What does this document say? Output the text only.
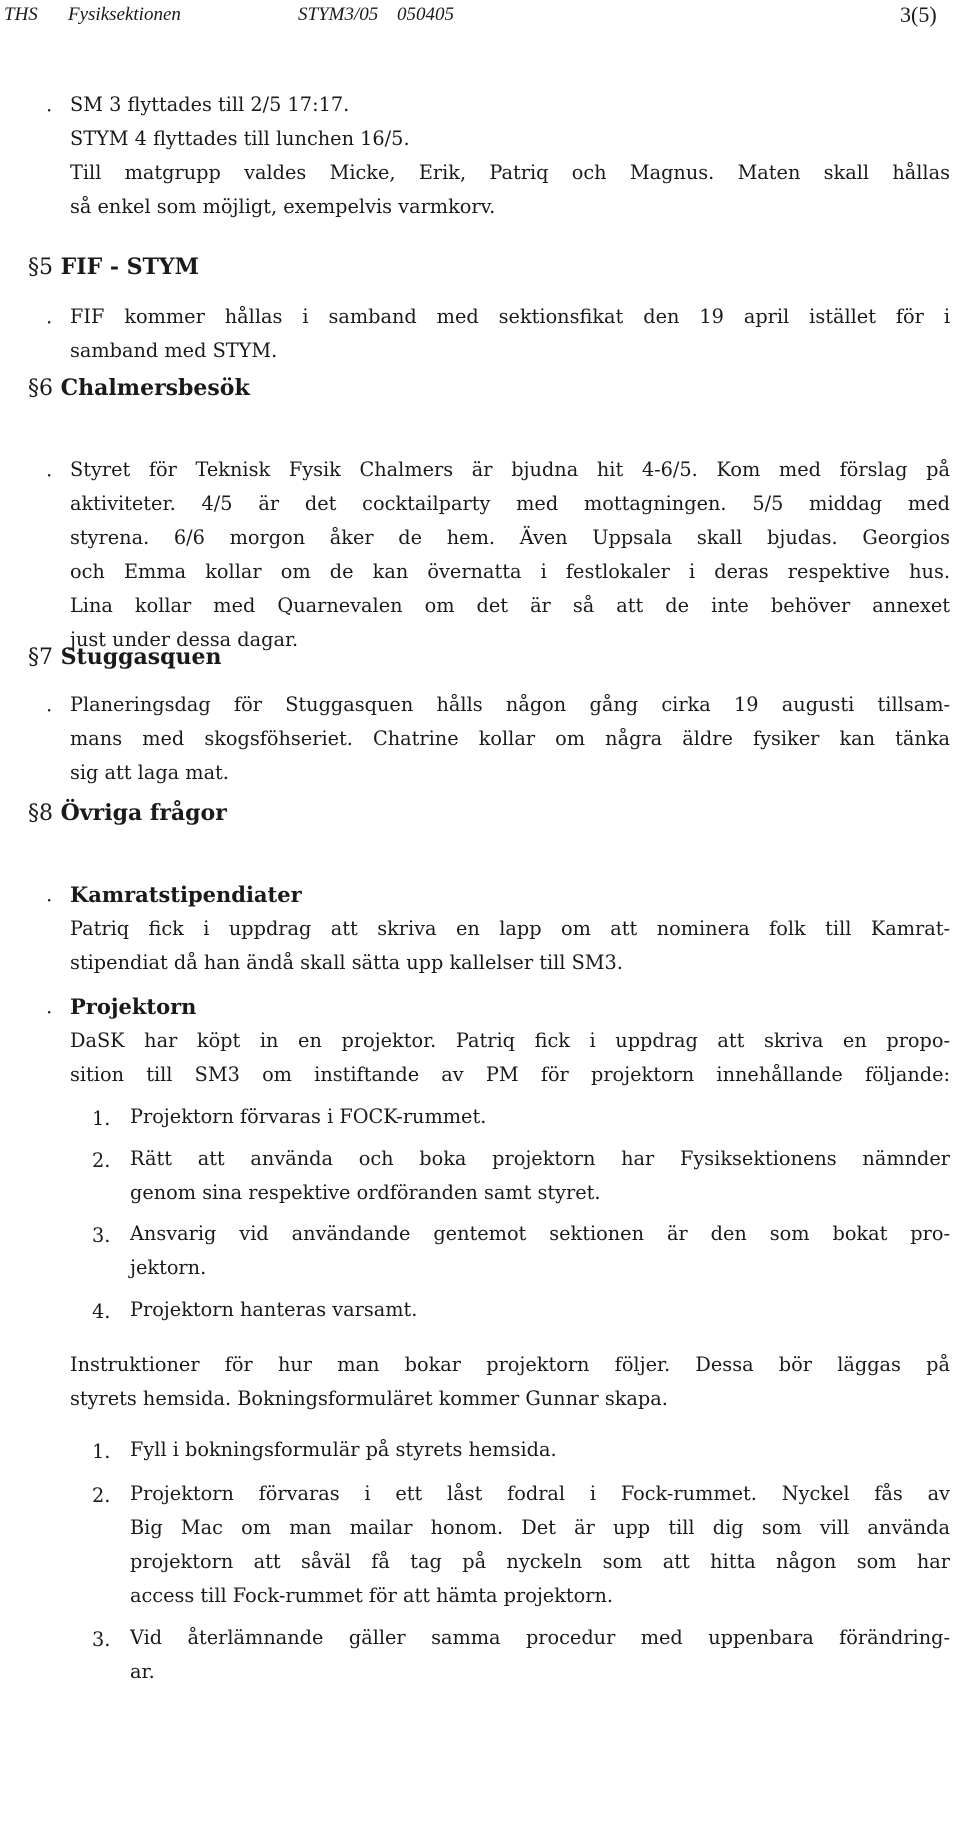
THS Fysiksektionen	STYM3/05 050405	3(5)
· SM 3 flyttades till 2/5 17:17.
STYM 4 flyttades till lunchen 16/5.
Till matgrupp valdes Micke, Erik, Patriq och Magnus. Maten skall hållas
så enkel som möjligt, exempelvis varmkorv.
§5 FIF - STYM
· FIF kommer hållas i samband med sektionsfikat den 19 april istället för i
samband med STYM.
§6 Chalmersbesök
· Styret för Teknisk Fysik Chalmers är bjudna hit 4-6/5. Kom med förslag på
aktiviteter. 4/5 är det cocktailparty med mottagningen. 5/5 middag med
styrena. 6/6 morgon åker de hem. Även Uppsala skall bjudas. Georgios
och Emma kollar om de kan övernatta i festlokaler i deras respektive hus.
Lina kollar med Quarnevalen om det är så att de inte behöver annexet
just under dessa dagar.
§7 Stuggasquen
· Planeringsdag för Stuggasquen hålls någon gång cirka 19 augusti tillsam-
mans med skogsföhseriet. Chatrine kollar om några äldre fysiker kan tänka
sig att laga mat.
§8 Övriga frågor
· Kamratstipendiater
Patriq fick i uppdrag att skriva en lapp om att nominera folk till Kamrat-
stipendiat då han ändå skall sätta upp kallelser till SM3.
· Projektorn
DaSK har köpt in en projektor. Patriq fick i uppdrag att skriva en propo-
sition till SM3 om instiftande av PM för projektorn innehållande följande:
1.	Projektorn förvaras i FOCK-rummet.
2.	Rätt att använda och boka projektorn har Fysiksektionens nämnder
genom sina respektive ordföranden samt styret.
3.	Ansvarig vid användande gentemot sektionen är den som bokat pro-
jektorn.
4.	Projektorn hanteras varsamt.
Instruktioner för hur man bokar projektorn följer. Dessa bör läggas på
styrets hemsida. Bokningsformuläret kommer Gunnar skapa.
1.	Fyll i bokningsformulär på styrets hemsida.
2.	Projektorn förvaras i ett låst fodral i Fock-rummet. Nyckel fås av
Big Mac om man mailar honom. Det är upp till dig som vill använda
projektorn att såväl få tag på nyckeln som att hitta någon som har
access till Fock-rummet för att hämta projektorn.
3.	Vid återlämnande gäller samma procedur med uppenbara förändring-
ar.
